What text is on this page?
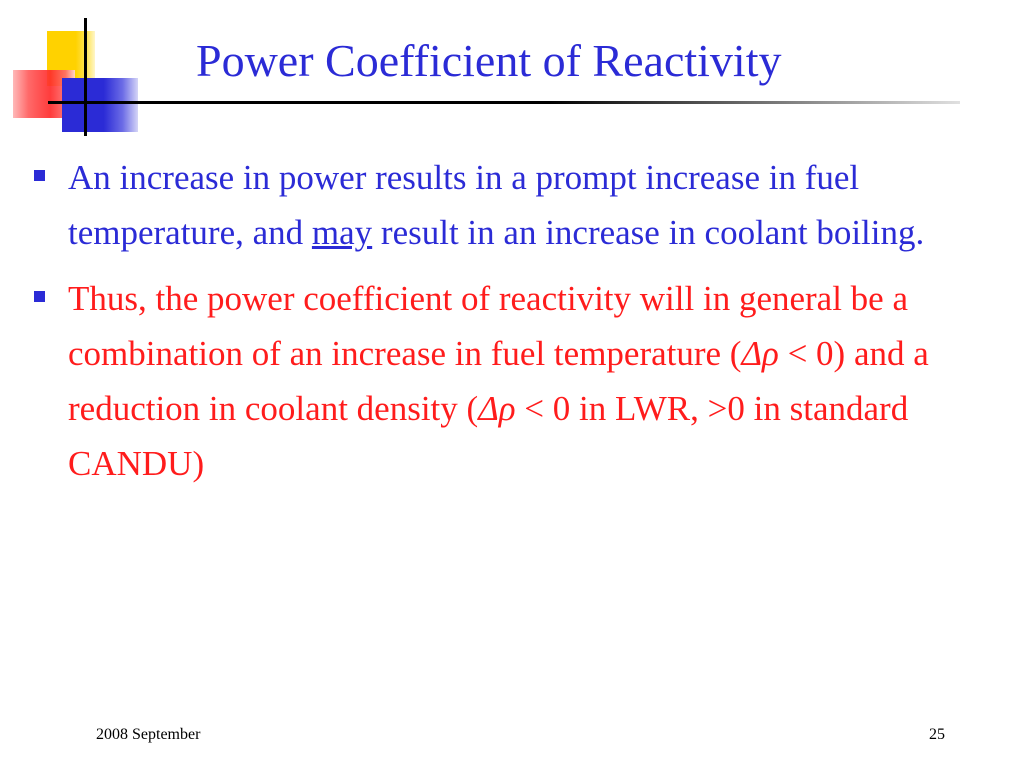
Power Coefficient of Reactivity
An increase in power results in a prompt increase in fuel temperature, and may result in an increase in coolant boiling.
Thus, the power coefficient of reactivity will in general be a combination of an increase in fuel temperature (Δρ < 0) and a reduction in coolant density (Δρ < 0 in LWR, >0 in standard CANDU)
2008 September	25
